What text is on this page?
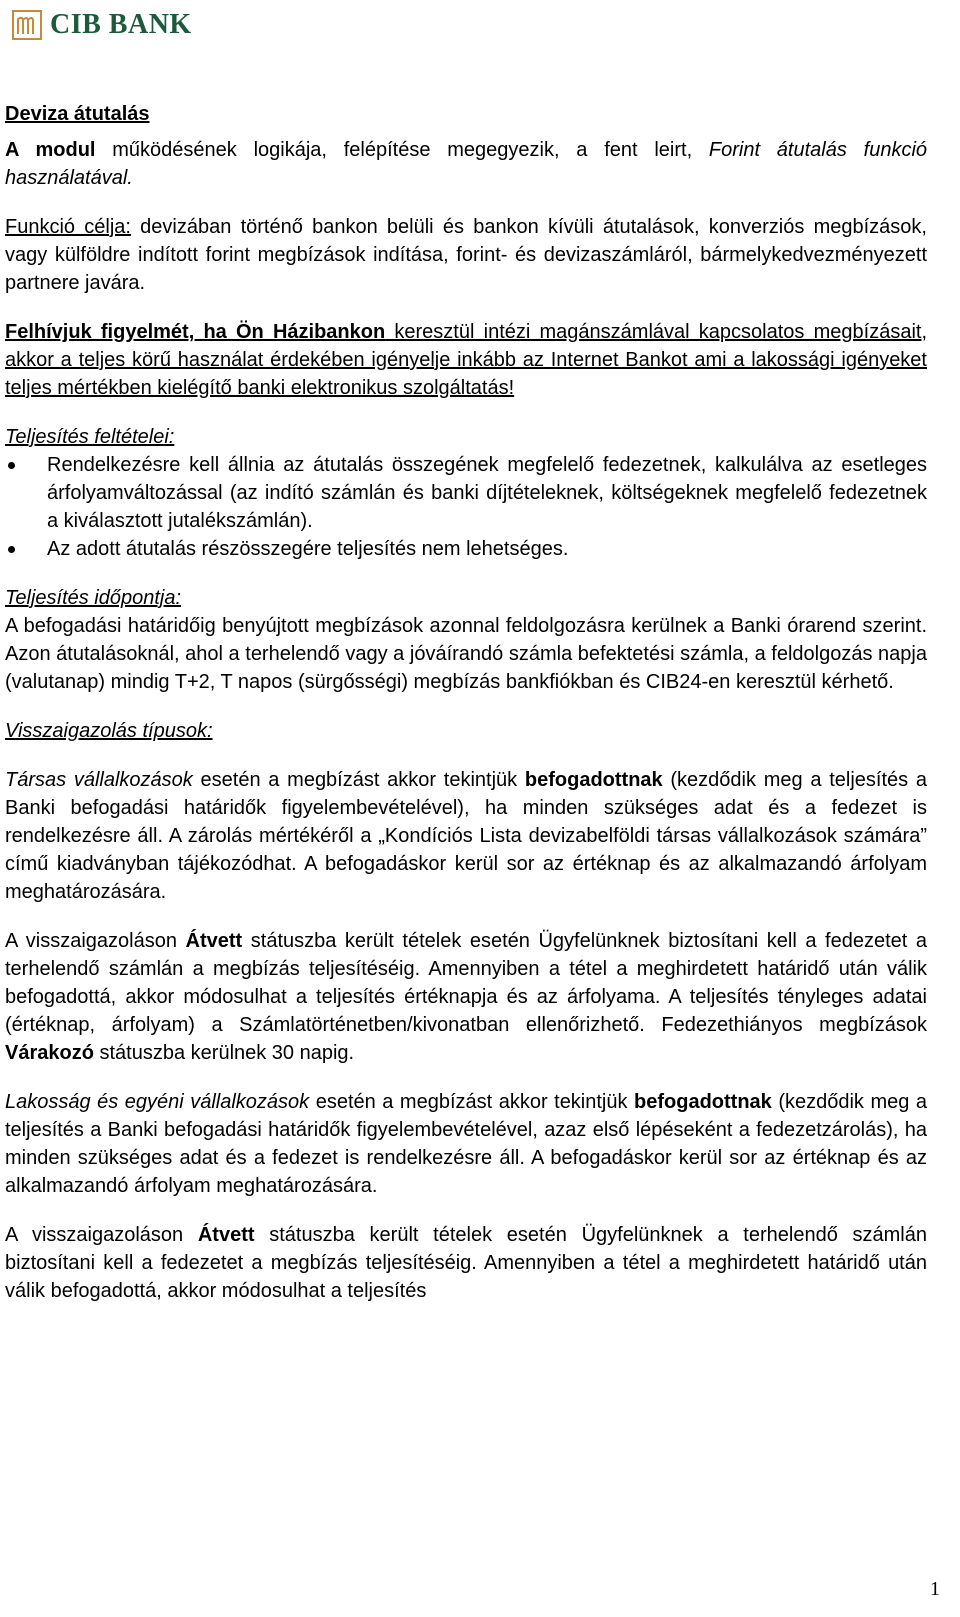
CIB BANK

Deviza átutalás

A modul működésének logikája, felépítése megegyezik, a fent leirt, Forint átutalás funkció használatával.

Funkció célja: devizában történő bankon belüli és bankon kívüli átutalások, konverziós megbízások, vagy külföldre indított forint megbízások indítása, forint- és devizaszámláról, bármelykedvezményezett partnere javára.

Felhívjuk figyelmét, ha Ön Házibankon keresztül intézi magánszámlával kapcsolatos megbízásait, akkor a teljes körű használat érdekében igényelje inkább az Internet Bankot ami a lakossági igényeket teljes mértékben kielégítő banki elektronikus szolgáltatás!

Teljesítés feltételei:

Rendelkezésre kell állnia az átutalás összegének megfelelő fedezetnek, kalkulálva az esetleges árfolyamváltozással (az indító számlán és banki díjtételeknek, költségeknek megfelelő fedezetnek a kiválasztott jutalékszámlán).
Az adott átutalás részösszegére teljesítés nem lehetséges.

Teljesítés időpontja:

A befogadási határidőig benyújtott megbízások azonnal feldolgozásra kerülnek a Banki órarend szerint. Azon átutalásoknál, ahol a terhelendő vagy a jóváírandó számla befektetési számla, a feldolgozás napja (valutanap) mindig T+2, T napos (sürgősségi) megbízás bankfiókban és CIB24-en keresztül kérhető.

Visszaigazolás típusok:

Társas vállalkozások esetén a megbízást akkor tekintjük befogadottnak (kezdődik meg a teljesítés a Banki befogadási határidők figyelembevételével), ha minden szükséges adat és a fedezet is rendelkezésre áll. A zárolás mértékéről a „Kondíciós Lista devizabelföldi társas vállalkozások számára” című kiadványban tájékozódhat. A befogadáskor kerül sor az értéknap és az alkalmazandó árfolyam meghatározására.

A visszaigazoláson Átvett státuszba került tételek esetén Ügyfelünknek biztosítani kell a fedezetet a terhelendő számlán a megbízás teljesítéséig. Amennyiben a tétel a meghirdetett határidő után válik befogadottá, akkor módosulhat a teljesítés értéknapja és az árfolyama. A teljesítés tényleges adatai (értéknap, árfolyam) a Számlatörténetben/kivonatban ellenőrizhető. Fedezethiányos megbízások Várakozó státuszba kerülnek 30 napig.

Lakosság és egyéni vállalkozások esetén a megbízást akkor tekintjük befogadottnak (kezdődik meg a teljesítés a Banki befogadási határidők figyelembevételével, azaz első lépéseként a fedezetzárolás), ha minden szükséges adat és a fedezet is rendelkezésre áll. A befogadáskor kerül sor az értéknap és az alkalmazandó árfolyam meghatározására.

A visszaigazoláson Átvett státuszba került tételek esetén Ügyfelünknek a terhelendő számlán biztosítani kell a fedezetet a megbízás teljesítéséig. Amennyiben a tétel a meghirdetett határidő után válik befogadottá, akkor módosulhat a teljesítés

1
